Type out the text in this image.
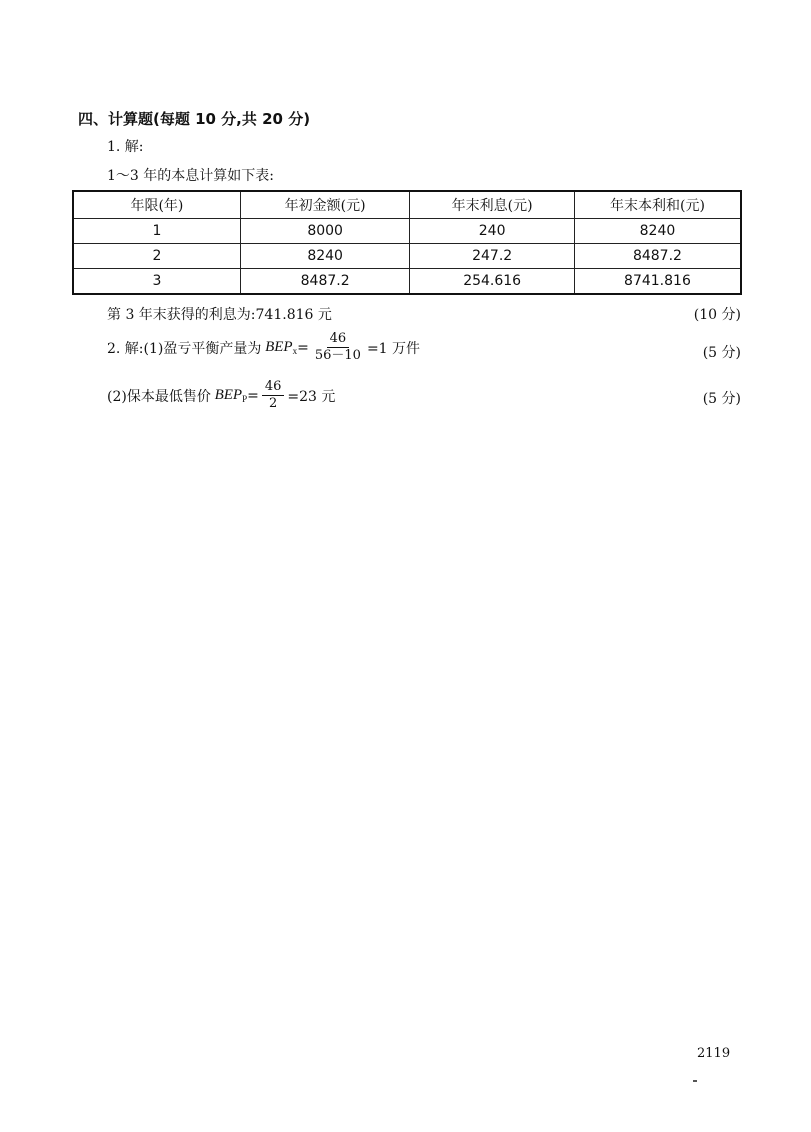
四、计算题(每题 10 分,共 20 分)
1. 解:
1～3 年的本息计算如下表:
年限(年)	年初金额(元)	年末利息(元)	年末本利和(元)
1	8000	240	8240
2	8240	247.2	8487.2
3	8487.2	254.616	8741.816
第 3 年末获得的利息为:741.816 元	(10 分)
2. 解:(1)盈亏平衡产量为 $BEP_x = \frac{46}{56-10} =1$ 万件	(5 分)
(2)保本最低售价 $BEP_P = \frac{46}{2} =23$ 元	(5 分)
2119
